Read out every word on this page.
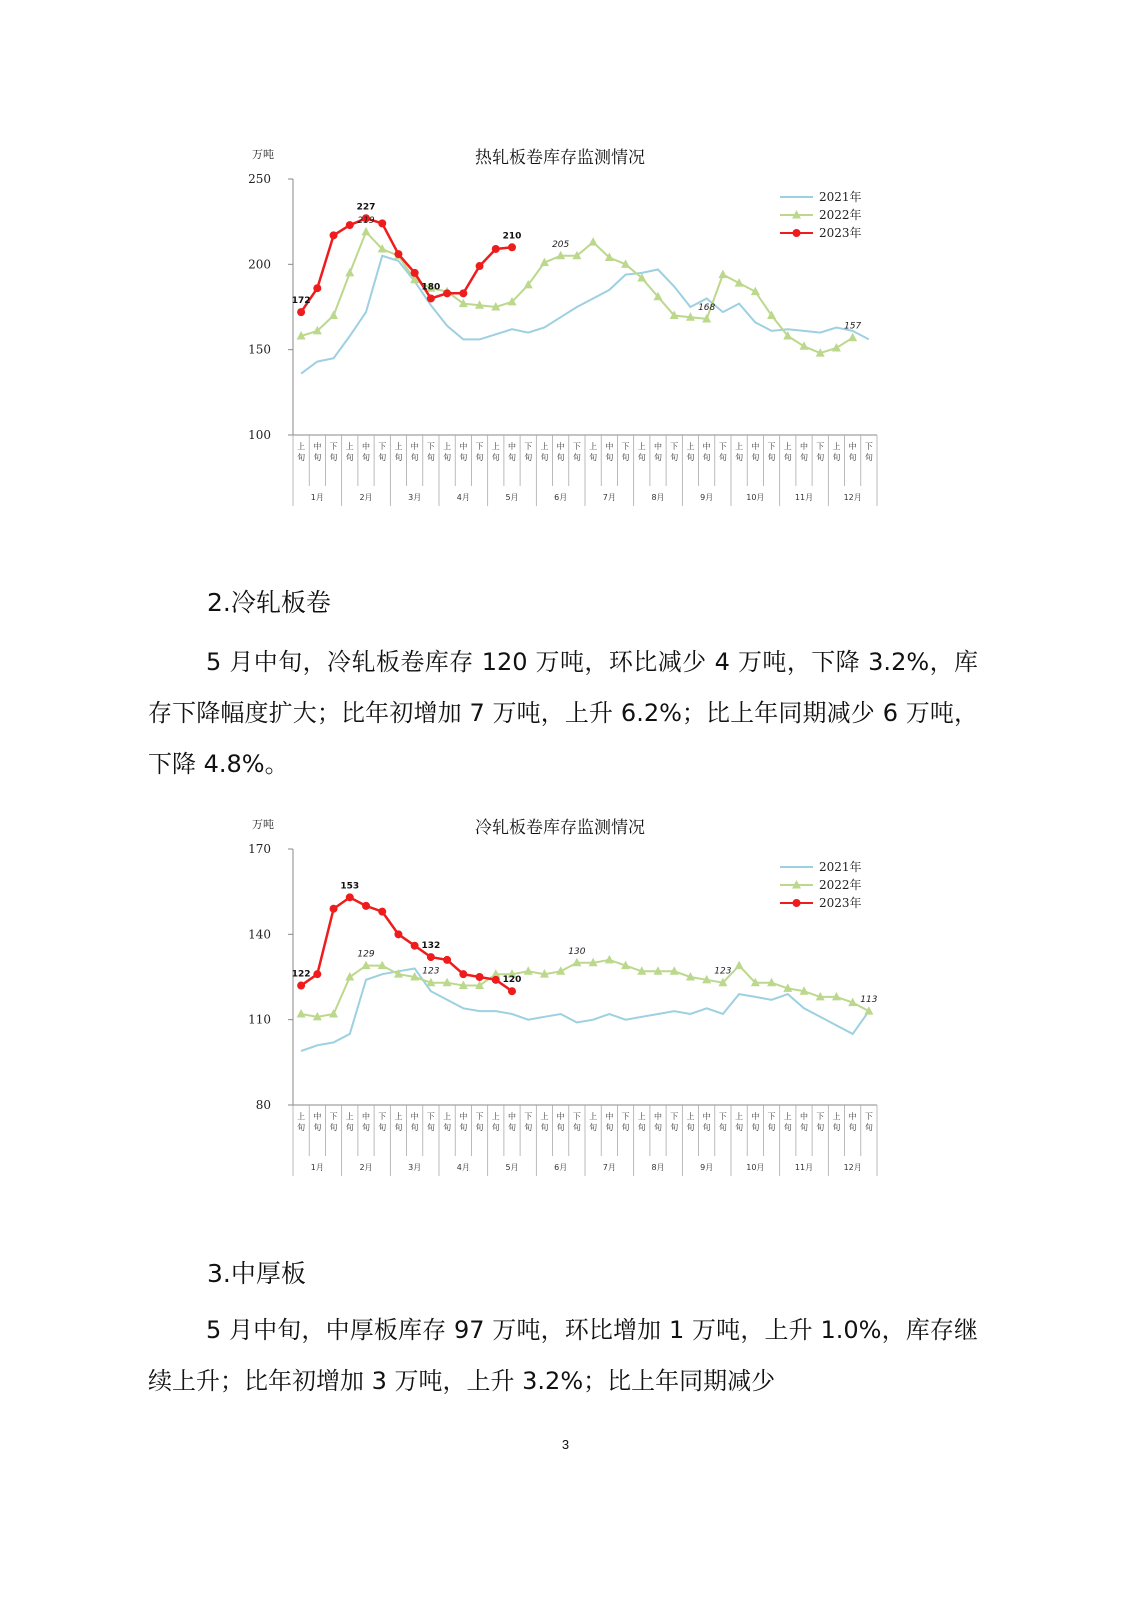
热轧板卷库存监测情况
万吨
100
150
200
250
上
旬
中
旬
下
旬
上
旬
中
旬
下
旬
上
旬
中
旬
下
旬
上
旬
中
旬
下
旬
上
旬
中
旬
下
旬
上
旬
中
旬
下
旬
上
旬
中
旬
下
旬
上
旬
中
旬
下
旬
上
旬
中
旬
下
旬
上
旬
中
旬
下
旬
上
旬
中
旬
下
旬
上
旬
中
旬
下
旬
1月	2月	3月	4月	5月	6月	7月	8月	9月	10月	11月	12月
172
227
219
180
210
205
168
157
2021年
2022年
2023年
2.冷轧板卷
5 月中旬，冷轧板卷库存 120 万吨，环比减少 4 万吨，下降 3.2%，库存下降幅度扩大；比年初增加 7 万吨，上升 6.2%；比上年同期减少 6 万吨，下降 4.8%。
冷轧板卷库存监测情况
万吨
80
110
140
170
上
旬
中
旬
下
旬
上
旬
中
旬
下
旬
上
旬
中
旬
下
旬
上
旬
中
旬
下
旬
上
旬
中
旬
下
旬
上
旬
中
旬
下
旬
上
旬
中
旬
下
旬
上
旬
中
旬
下
旬
上
旬
中
旬
下
旬
上
旬
中
旬
下
旬
上
旬
中
旬
下
旬
上
旬
中
旬
下
旬
1月	2月	3月	4月	5月	6月	7月	8月	9月	10月	11月	12月
122
153
129
132
123
120
130
123
113
2021年
2022年
2023年
3.中厚板
5 月中旬，中厚板库存 97 万吨，环比增加 1 万吨，上升 1.0%，库存继续上升；比年初增加 3 万吨，上升 3.2%；比上年同期减少
3
